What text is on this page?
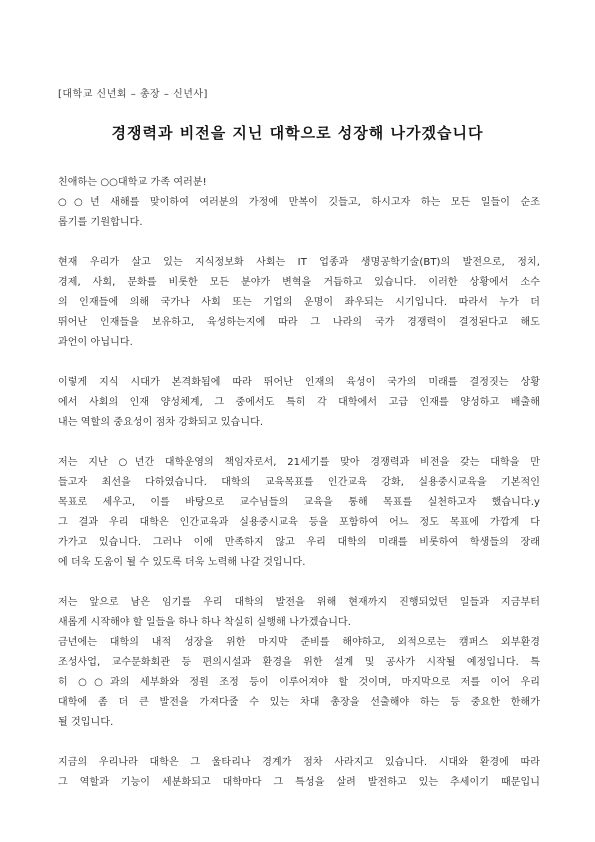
[대학교 신년회 – 총장 – 신년사]
경쟁력과 비전을 지닌 대학으로 성장해 나가겠습니다
친애하는 ○○대학교 가족 여러분!
○○년 새해를 맞이하여 여러분의 가정에 만복이 깃들고, 하시고자 하는 모든 일들이 순조
롭기를 기원합니다.
현재 우리가 살고 있는 지식정보화 사회는 IT 업종과 생명공학기술(BT)의 발전으로, 정치,
경제, 사회, 문화를 비롯한 모든 분야가 변혁을 거듭하고 있습니다. 이러한 상황에서 소수
의 인재들에 의해 국가나 사회 또는 기업의 운명이 좌우되는 시기입니다. 따라서 누가 더
뛰어난 인재들을 보유하고, 육성하는지에 따라 그 나라의 국가 경쟁력이 결정된다고 해도
과언이 아닙니다.
이렇게 지식 시대가 본격화됨에 따라 뛰어난 인재의 육성이 국가의 미래를 결정짓는 상황
에서 사회의 인재 양성체계, 그 중에서도 특히 각 대학에서 고급 인재를 양성하고 배출해
내는 역할의 중요성이 점차 강화되고 있습니다.
저는 지난 ○년간 대학운영의 책임자로서, 21세기를 맞아 경쟁력과 비전을 갖는 대학을 만
들고자 최선을 다하였습니다. 대학의 교육목표를 인간교육 강화, 실용중시교육을 기본적인
목표로 세우고, 이를 바탕으로 교수님들의 교육을 통해 목표를 실천하고자 했습니다.y
그 결과 우리 대학은 인간교육과 실용중시교육 등을 포함하여 어느 정도 목표에 가깝게 다
가가고 있습니다. 그러나 이에 만족하지 않고 우리 대학의 미래를 비롯하여 학생들의 장래
에 더욱 도움이 될 수 있도록 더욱 노력해 나갈 것입니다.
저는 앞으로 남은 임기를 우리 대학의 발전을 위해 현재까지 진행되었던 일들과 지금부터
새롭게 시작해야 할 일들을 하나 하나 착실히 실행해 나가겠습니다.
금년에는 대학의 내적 성장을 위한 마지막 준비를 해야하고, 외적으로는 캠퍼스 외부환경
조성사업, 교수문화회관 등 편의시설과 환경을 위한 설계 및 공사가 시작될 예정입니다. 특
히 ○○과의 세부화와 정원 조정 등이 이루어져야 할 것이며, 마지막으로 저를 이어 우리
대학에 좀 더 큰 발전을 가져다줄 수 있는 차대 총장을 선출해야 하는 등 중요한 한해가
될 것입니다.
지금의 우리나라 대학은 그 울타리나 경계가 점차 사라지고 있습니다. 시대와 환경에 따라
그 역할과 기능이 세분화되고 대학마다 그 특성을 살려 발전하고 있는 추세이기 때문입니
